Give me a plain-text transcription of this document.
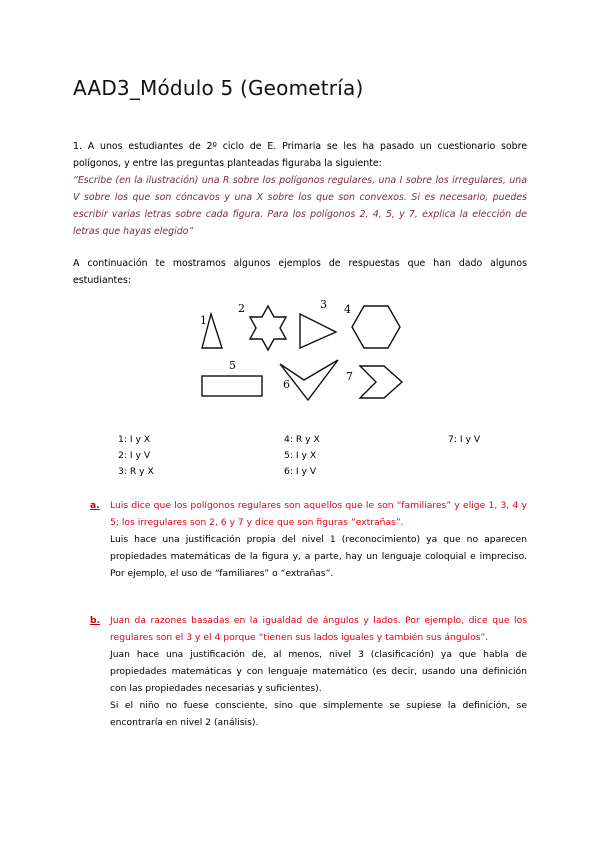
AAD3_Módulo 5 (Geometría)

1. A unos estudiantes de 2º ciclo de E. Primaria se les ha pasado un cuestionario sobre polígonos, y entre las preguntas planteadas figuraba la siguiente:
“Escribe (en la ilustración) una R sobre los polígonos regulares, una I sobre los irregulares, una V sobre los que son cóncavos y una X sobre los que son convexos. Si es necesario, puedes escribir varias letras sobre cada figura. Para los polígonos 2, 4, 5, y 7, explica la elección de letras que hayas elegido”

A continuación te mostramos algunos ejemplos de respuestas que han dado algunos estudiantes:

1
2	3 4
5
6
7
1: I y X
2: I y V
3: R y X
4: R y X
5: I y X
6: I y V
7: I y V
a. Luis dice que los polígonos regulares son aquellos que le son “familiares” y elige 1, 3, 4 y 5; los irregulares son 2, 6 y 7 y dice que son figuras “extrañas”.
Luis hace una justificación propia del nivel 1 (reconocimiento) ya que no aparecen propiedades matemáticas de la figura y, a parte, hay un lenguaje coloquial e impreciso. Por ejemplo, el uso de “familiares” o “extrañas”.
b. Juan da razones basadas en la igualdad de ángulos y lados. Por ejemplo, dice que los regulares son el 3 y el 4 porque “tienen sus lados iguales y también sus ángulos”.
Juan hace una justificación de, al menos, nivel 3 (clasificación) ya que habla de propiedades matemáticas y con lenguaje matemático (es decir, usando una definición con las propiedades necesarias y suficientes).
Si el niño no fuese consciente, sino que simplemente se supiese la definición, se encontraría en nivel 2 (análisis).
